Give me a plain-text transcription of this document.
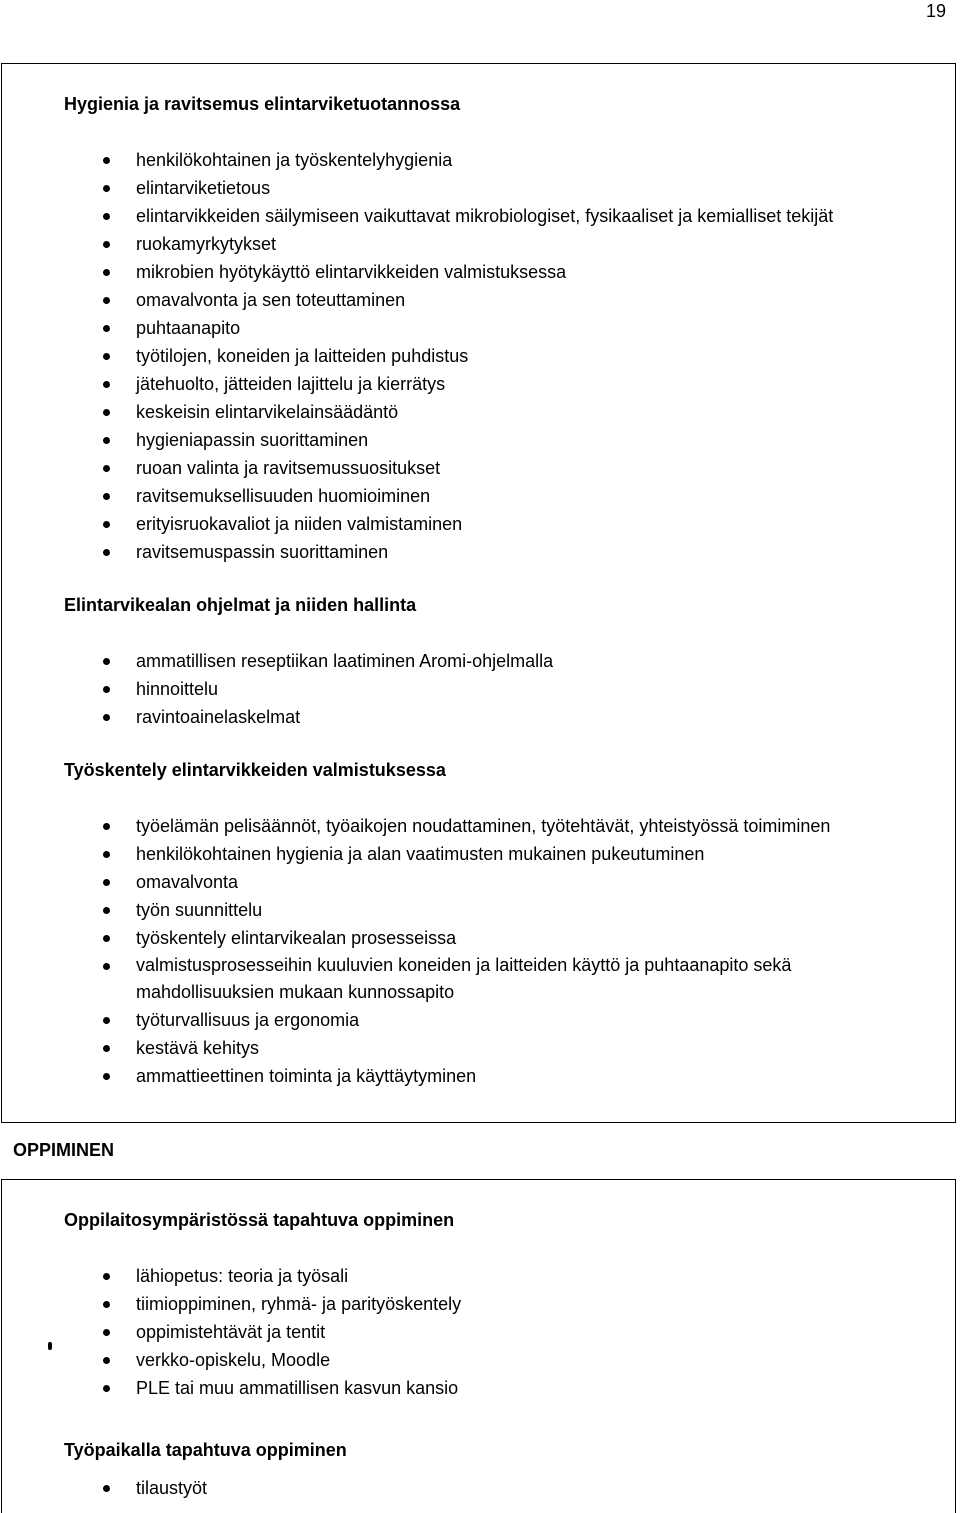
19
Hygienia ja ravitsemus elintarviketuotannossa
henkilökohtainen ja työskentelyhygienia
elintarviketietous
elintarvikkeiden säilymiseen vaikuttavat mikrobiologiset, fysikaaliset ja kemialliset tekijät
ruokamyrkytykset
mikrobien hyötykäyttö elintarvikkeiden valmistuksessa
omavalvonta ja sen toteuttaminen
puhtaanapito
työtilojen, koneiden ja laitteiden puhdistus
jätehuolto, jätteiden lajittelu ja kierrätys
keskeisin elintarvikelainsäädäntö
hygieniapassin suorittaminen
ruoan valinta ja ravitsemussuositukset
ravitsemuksellisuuden huomioiminen
erityisruokavaliot ja niiden valmistaminen
ravitsemuspassin suorittaminen
Elintarvikealan ohjelmat ja niiden hallinta
ammatillisen reseptiikan laatiminen Aromi-ohjelmalla
hinnoittelu
ravintoainelaskelmat
Työskentely elintarvikkeiden valmistuksessa
työelämän pelisäännöt, työaikojen noudattaminen, työtehtävät, yhteistyössä toimiminen
henkilökohtainen hygienia ja alan vaatimusten mukainen pukeutuminen
omavalvonta
työn suunnittelu
työskentely elintarvikealan prosesseissa
valmistusprosesseihin kuuluvien koneiden ja laitteiden käyttö ja puhtaanapito sekä mahdollisuuksien mukaan kunnossapito
työturvallisuus ja ergonomia
kestävä kehitys
ammattieettinen toiminta ja käyttäytyminen
OPPIMINEN
Oppilaitosympäristössä tapahtuva oppiminen
lähiopetus: teoria ja työsali
tiimioppiminen, ryhmä- ja parityöskentely
oppimistehtävät ja tentit
verkko-opiskelu, Moodle
PLE tai muu ammatillisen kasvun kansio
Työpaikalla tapahtuva oppiminen
tilaustyöt
